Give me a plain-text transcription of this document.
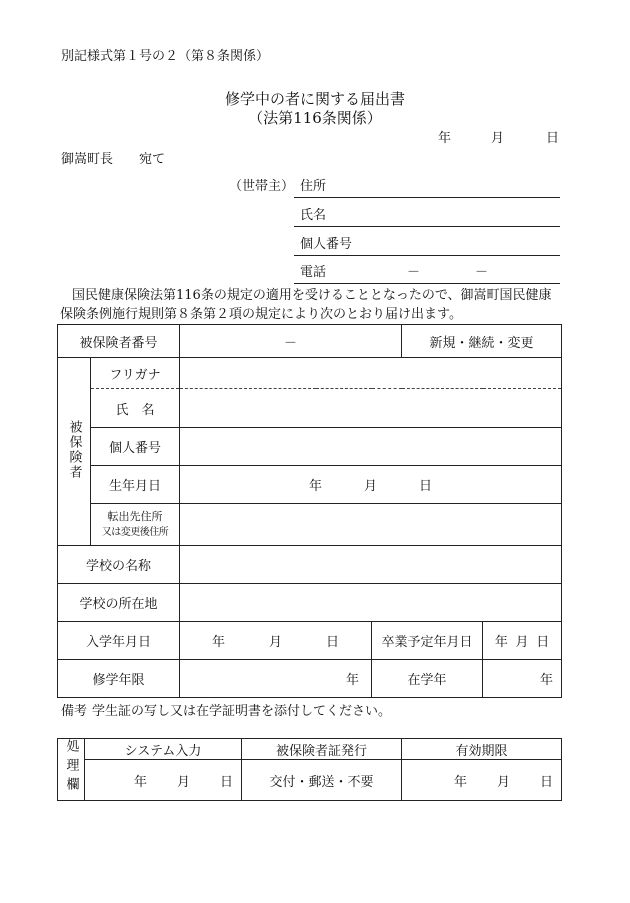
別記様式第１号の２（第８条関係）
修学中の者に関する届出書
（法第116条関係）
年	月	日
御嵩町長　　宛て
（世帯主） 住所
氏名
個人番号
電話	－	－
国民健康保険法第116条の規定の適用を受けることとなったので、御嵩町国民健康
保険条例施行規則第８条第２項の規定により次のとおり届け出ます。
被保険者番号		－		新規・継続・変更	
被保険者	フリガナ				
	氏　名				
	個人番号				
	生年月日	年 月 日			

	転出先住所
又は変更後住所				

学校の名称					
学校の所在地					
入学年月日		年 月 日	卒業予定年月日		年 月 日

修学年限		年	在学年		年
備考 学生証の写し又は在学証明書を添付してください。
処理欄	システム入力	被保険者証発行	有効期限

	年 月 日	交付・郵送・不要	年 月 日
